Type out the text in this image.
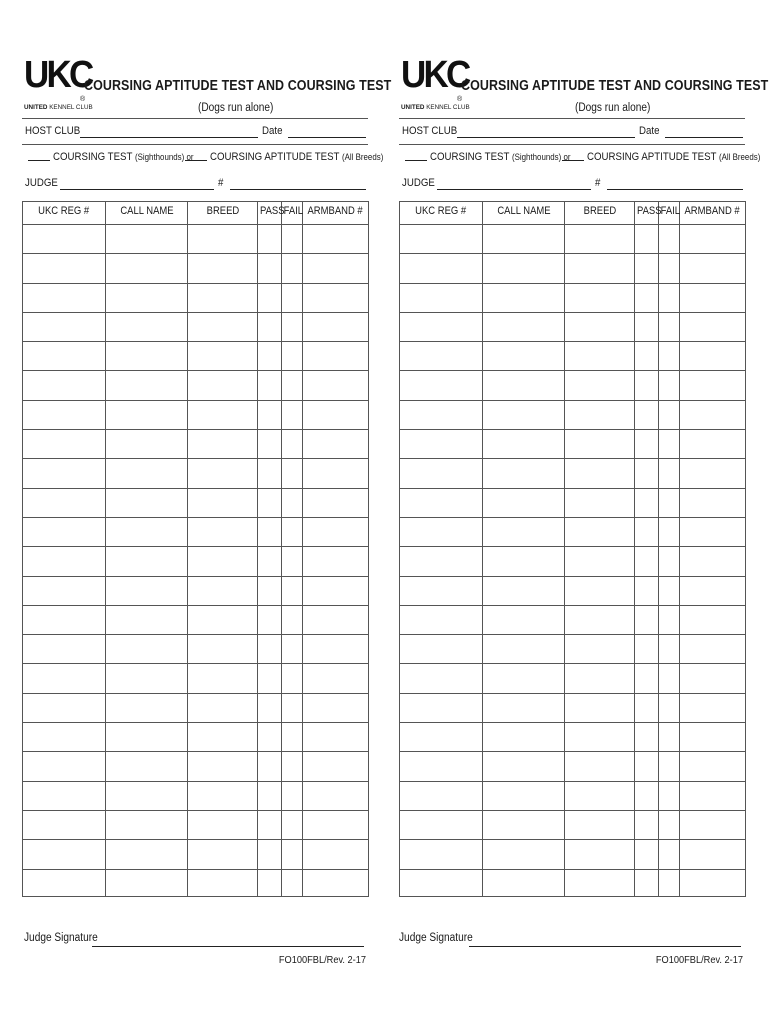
UKC
®
UNITED KENNEL CLUB
COURSING APTITUDE TEST AND COURSING TEST
(Dogs run alone)
HOST CLUB	Date
COURSING TEST (Sighthounds) or COURSING APTITUDE TEST (All Breeds)
JUDGE	#
UKC REG #	CALL NAME	BREED	PASS	FAIL	ARMBAND #

UKC
®
UNITED KENNEL CLUB
COURSING APTITUDE TEST AND COURSING TEST
(Dogs run alone)
HOST CLUB	Date
COURSING TEST (Sighthounds) or COURSING APTITUDE TEST (All Breeds)
JUDGE	#
UKC REG #	CALL NAME	BREED	PASS	FAIL	ARMBAND #

Judge Signature
FO100FBL/Rev. 2-17
Judge Signature
FO100FBL/Rev. 2-17
